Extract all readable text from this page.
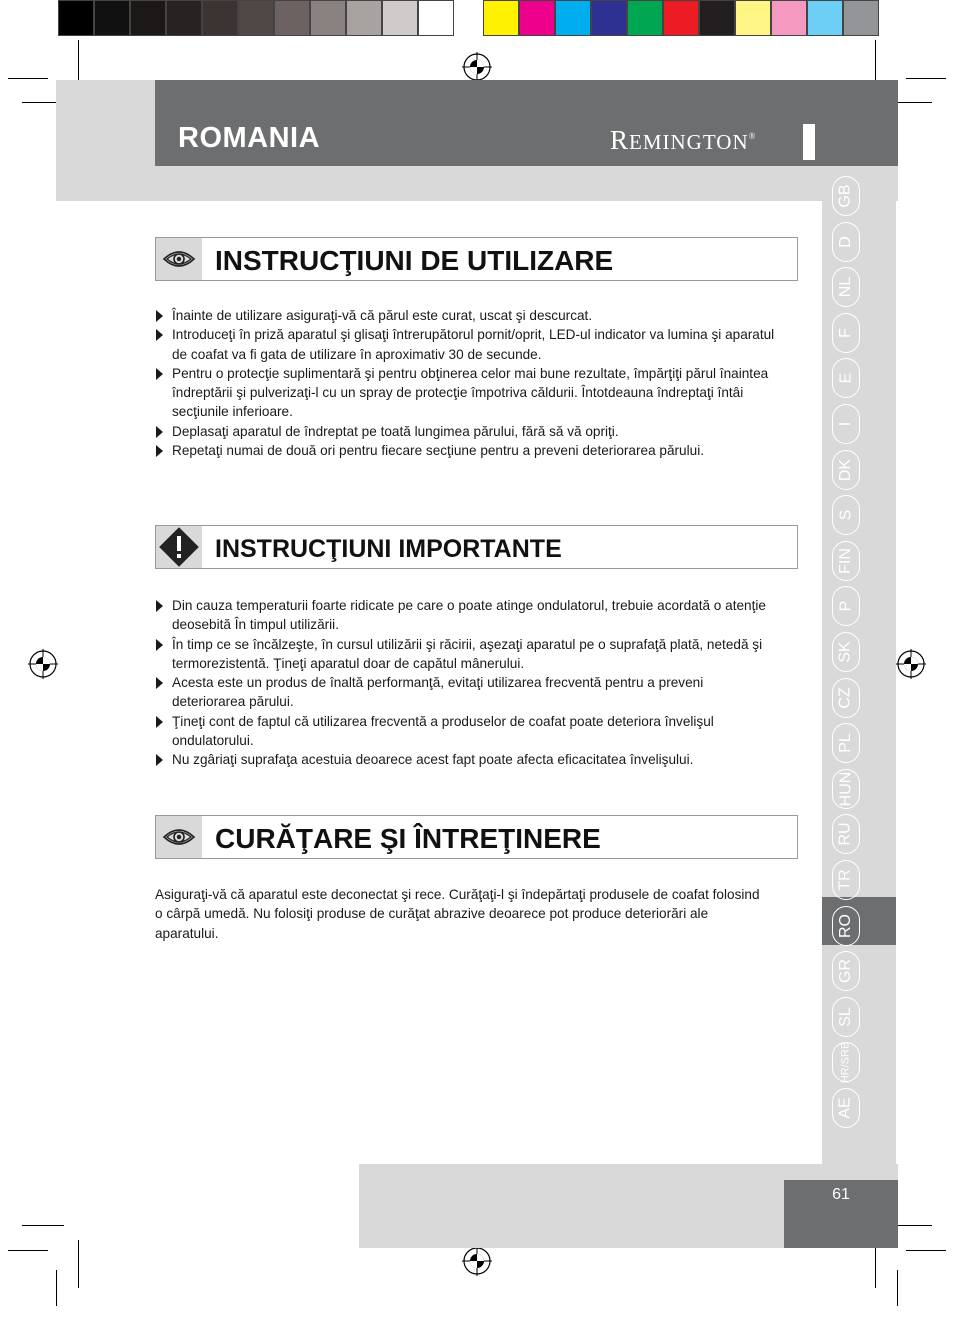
ROMANIA	REMINGTON®
GB
D
NL
F
E
I
DK
S
FIN
P
SK
CZ
PL
HUN
RU
TR
RO
GR
SL
HR/SRB
AE
INSTRUCŢIUNI DE UTILIZARE
Înainte de utilizare asiguraţi-vă că părul este curat, uscat şi descurcat.
Introduceţi în priză aparatul şi glisaţi întrerupătorul pornit/oprit, LED-ul indicator va lumina şi aparatul de coafat va fi gata de utilizare în aproximativ 30 de secunde.
Pentru o protecţie suplimentară şi pentru obţinerea celor mai bune rezultate, împărţiţi părul înaintea îndreptării şi pulverizaţi-l cu un spray de protecţie împotriva căldurii. Întotdeauna îndreptaţi întâi secţiunile inferioare.
Deplasaţi aparatul de îndreptat pe toată lungimea părului, fără să vă opriţi.
Repetaţi numai de două ori pentru fiecare secţiune pentru a preveni deteriorarea părului.
INSTRUCŢIUNI IMPORTANTE
Din cauza temperaturii foarte ridicate pe care o poate atinge ondulatorul, trebuie acordată o atenţie deosebită În timpul utilizării.
În timp ce se încălzeşte, în cursul utilizării şi răcirii, aşezaţi aparatul pe o suprafaţă plată, netedă şi termorezistentă. Ţineţi aparatul doar de capătul mânerului.
Acesta este un produs de înaltă performanţă, evitaţi utilizarea frecventă pentru a preveni deteriorarea părului.
Ţineţi cont de faptul că utilizarea frecventă a produselor de coafat poate deteriora învelişul ondulatorului.
Nu zgâriaţi suprafaţa acestuia deoarece acest fapt poate afecta eficacitatea învelişului.
CURĂŢARE ŞI ÎNTREŢINERE
Asiguraţi-vă că aparatul este deconectat şi rece. Curăţaţi-l şi îndepărtaţi produsele de coafat folosind o cârpă umedă. Nu folosiţi produse de curăţat abrazive deoarece pot produce deteriorări ale aparatului.
61
